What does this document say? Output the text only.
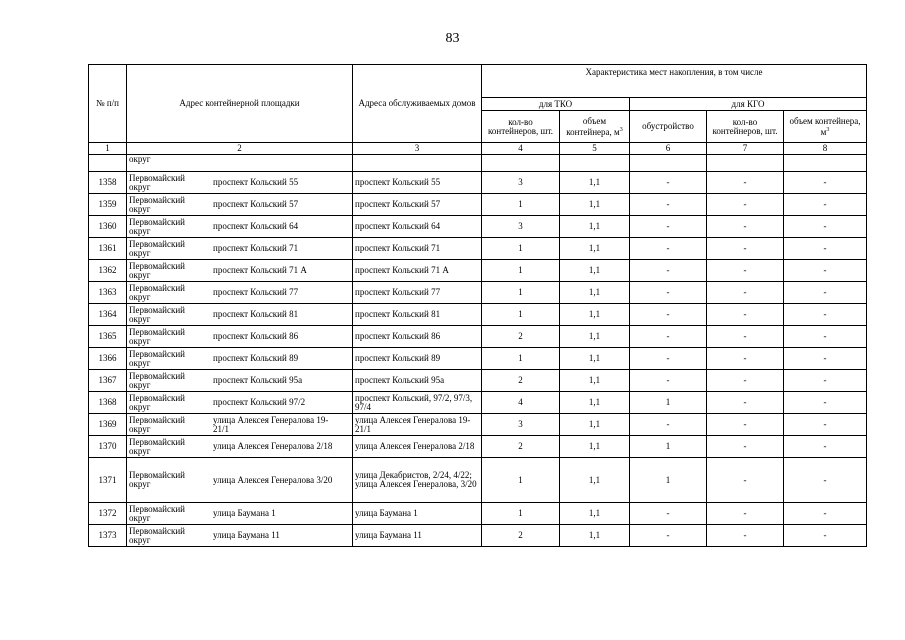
83
№ п/п	Адрес контейнерной площадки	Адреса обслуживаемых домов	Характеристика мест накопления, в том числе				
			для ТКО		для КГО		
			кол-во контейнеров, шт.	объем контейнера, $м^3$	обустройство	кол-во контейнеров, шт.	объем контейнера, $м^3$
1	2	3	4	5	6	7	8
	округ						
1358	Первомайский округ проспект Кольский 55	проспект Кольский 55	3	1,1	-	-	-
1359	Первомайский округ проспект Кольский 57	проспект Кольский 57	1	1,1	-	-	-
1360	Первомайский округ проспект Кольский 64	проспект Кольский 64	3	1,1	-	-	-
1361	Первомайский округ проспект Кольский 71	проспект Кольский 71	1	1,1	-	-	-
1362	Первомайский округ проспект Кольский 71 А	проспект Кольский 71 А	1	1,1	-	-	-
1363	Первомайский округ проспект Кольский 77	проспект Кольский 77	1	1,1	-	-	-
1364	Первомайский округ проспект Кольский 81	проспект Кольский 81	1	1,1	-	-	-
1365	Первомайский округ проспект Кольский 86	проспект Кольский 86	2	1,1	-	-	-
1366	Первомайский округ проспект Кольский 89	проспект Кольский 89	1	1,1	-	-	-
1367	Первомайский округ проспект Кольский 95а	проспект Кольский 95а	2	1,1	-	-	-
1368	Первомайский округ проспект Кольский 97/2	проспект Кольский, 97/2, 97/3, 97/4	4	1,1	1	-	-
1369	Первомайский округулица Алексея Генералова 19-21/1	улица Алексея Генералова 19-21/1	3	1,1	-	-	-
1370	Первомайский округ улица Алексея Генералова 2/18	улица Алексея Генералова 2/18	2	1,1	1	-	-
1371	Первомайский округ улица Алексея Генералова 3/20	улица Декабристов, 2/24, 4/22; улица Алексея Генералова, 3/20	1	1,1	1	-	-
1372	Первомайский округ улица Баумана 1	улица Баумана 1	1	1,1	-	-	-
1373	Первомайский округ улица Баумана 11	улица Баумана 11	2	1,1	-	-	-
